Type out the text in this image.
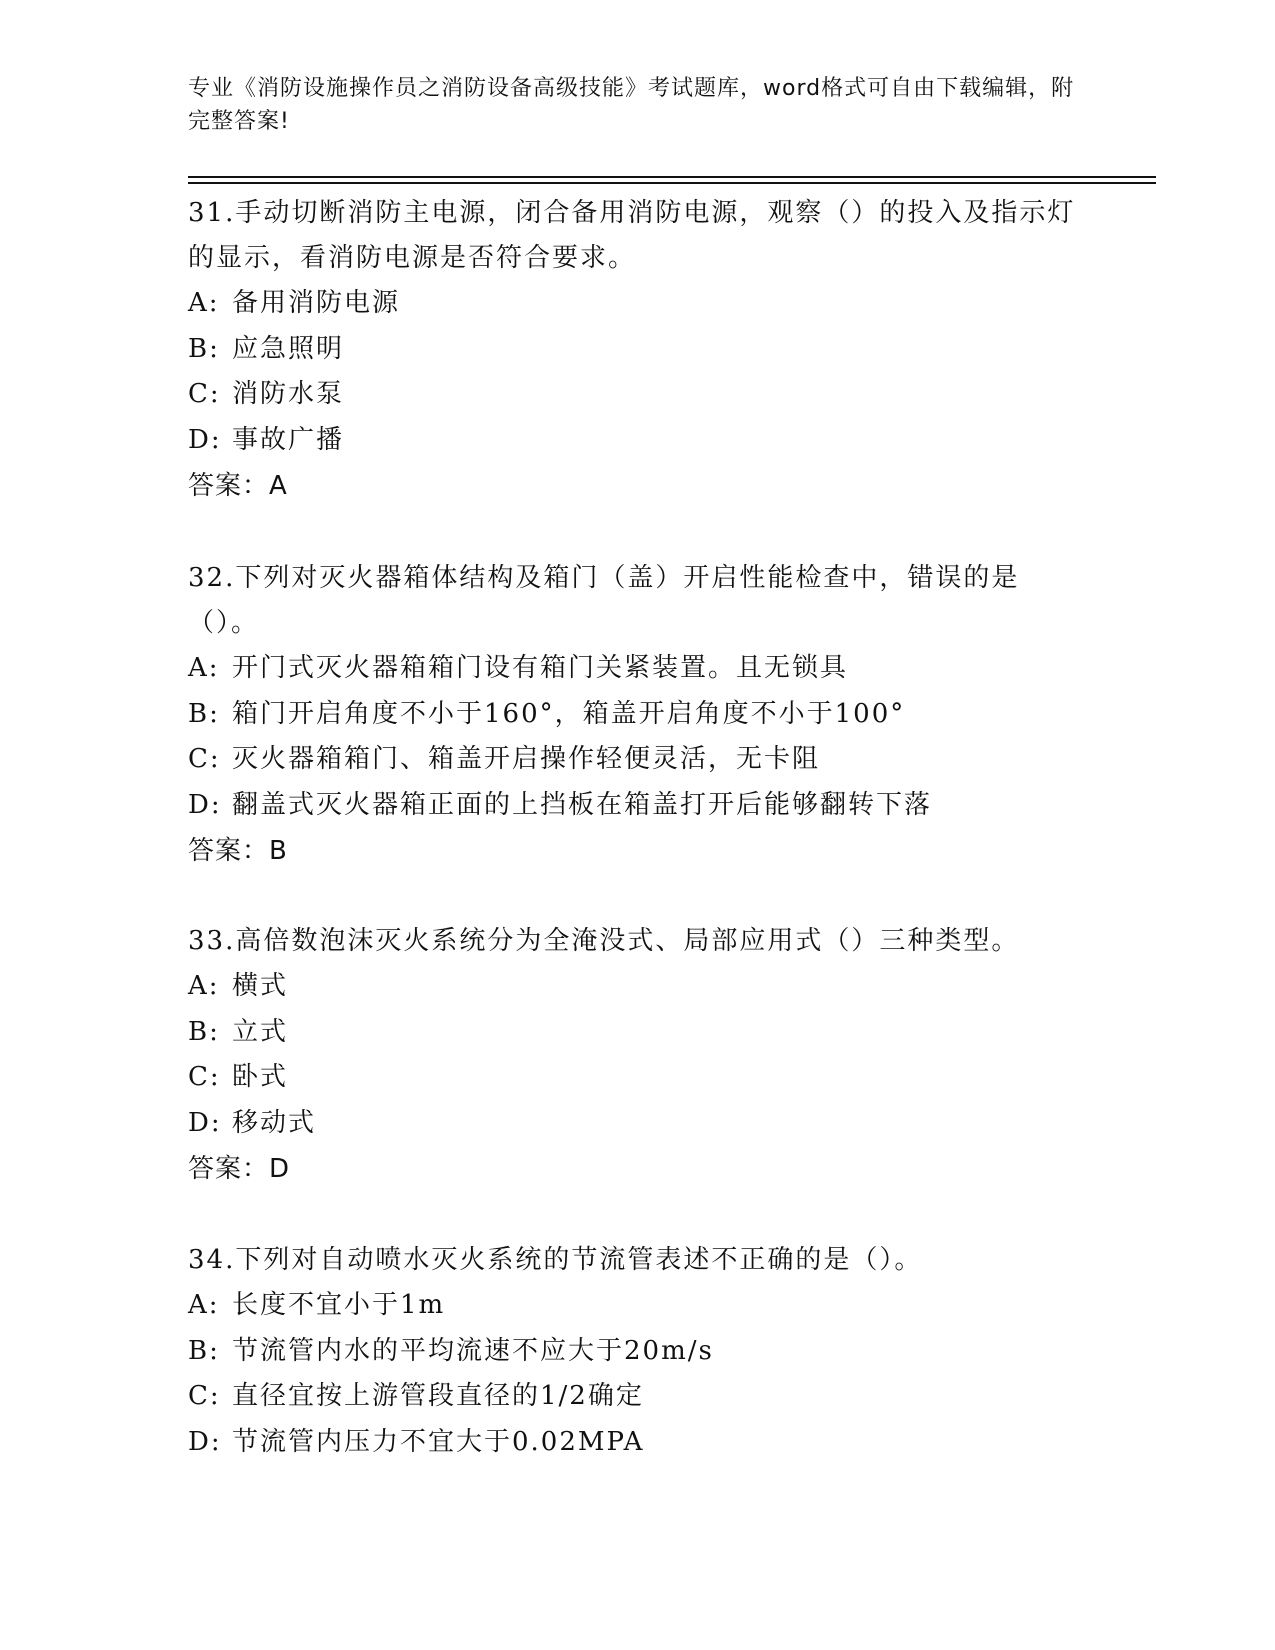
专业《消防设施操作员之消防设备高级技能》考试题库，word格式可自由下载编辑，附完整答案!

31.手动切断消防主电源，闭合备用消防电源，观察（）的投入及指示灯的显示，看消防电源是否符合要求。

A: 备用消防电源

B: 应急照明

C: 消防水泵

D: 事故广播

答案：A

32.下列对灭火器箱体结构及箱门（盖）开启性能检查中，错误的是（）。

A: 开门式灭火器箱箱门设有箱门关紧装置。且无锁具

B: 箱门开启角度不小于160°，箱盖开启角度不小于100°

C: 灭火器箱箱门、箱盖开启操作轻便灵活，无卡阻

D: 翻盖式灭火器箱正面的上挡板在箱盖打开后能够翻转下落

答案：B

33.高倍数泡沫灭火系统分为全淹没式、局部应用式（）三种类型。

A: 横式

B: 立式

C: 卧式

D: 移动式

答案：D

34.下列对自动喷水灭火系统的节流管表述不正确的是（）。

A: 长度不宜小于1m

B: 节流管内水的平均流速不应大于20m/s

C: 直径宜按上游管段直径的1/2确定

D: 节流管内压力不宜大于0.02MPA
